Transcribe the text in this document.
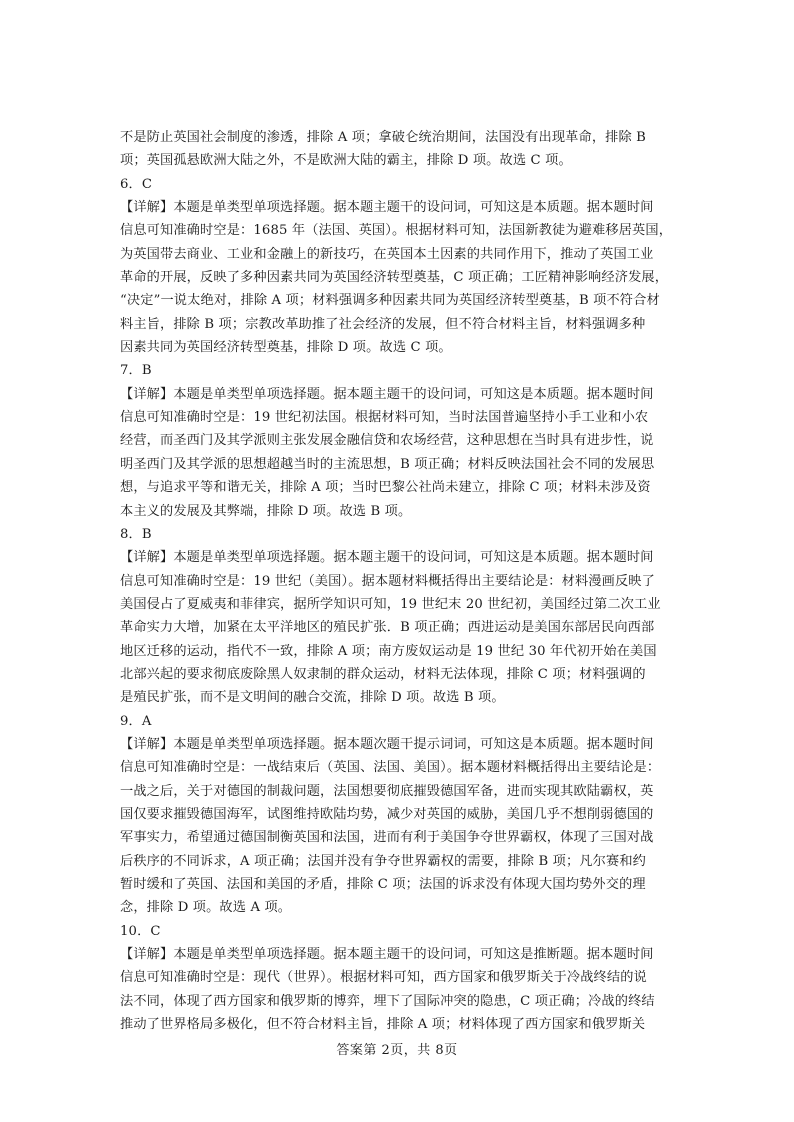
不是防止英国社会制度的渗透，排除 A 项；拿破仑统治期间，法国没有出现革命，排除 B
项；英国孤悬欧洲大陆之外，不是欧洲大陆的霸主，排除 D 项。故选 C 项。
6．C
【详解】本题是单类型单项选择题。据本题主题干的设问词，可知这是本质题。据本题时间
信息可知准确时空是：1685 年（法国、英国）。根据材料可知，法国新教徒为避难移居英国，
为英国带去商业、工业和金融上的新技巧，在英国本土因素的共同作用下，推动了英国工业
革命的开展，反映了多种因素共同为英国经济转型奠基，C 项正确；工匠精神影响经济发展，
“决定”一说太绝对，排除 A 项；材料强调多种因素共同为英国经济转型奠基，B 项不符合材
料主旨，排除 B 项；宗教改革助推了社会经济的发展，但不符合材料主旨，材料强调多种
因素共同为英国经济转型奠基，排除 D 项。故选 C 项。
7．B
【详解】本题是单类型单项选择题。据本题主题干的设问词，可知这是本质题。据本题时间
信息可知准确时空是：19 世纪初法国。根据材料可知，当时法国普遍坚持小手工业和小农
经营，而圣西门及其学派则主张发展金融信贷和农场经营，这种思想在当时具有进步性，说
明圣西门及其学派的思想超越当时的主流思想，B 项正确；材料反映法国社会不同的发展思
想，与追求平等和谐无关，排除 A 项；当时巴黎公社尚未建立，排除 C 项；材料未涉及资
本主义的发展及其弊端，排除 D 项。故选 B 项。
8．B
【详解】本题是单类型单项选择题。据本题主题干的设问词，可知这是本质题。据本题时间
信息可知准确时空是：19 世纪（美国）。据本题材料概括得出主要结论是：材料漫画反映了
美国侵占了夏威夷和菲律宾，据所学知识可知，19 世纪末 20 世纪初，美国经过第二次工业
革命实力大增，加紧在太平洋地区的殖民扩张．B 项正确；西进运动是美国东部居民向西部
地区迁移的运动，指代不一致，排除 A 项；南方废奴运动是 19 世纪 30 年代初开始在美国
北部兴起的要求彻底废除黑人奴隶制的群众运动，材料无法体现，排除 C 项；材料强调的
是殖民扩张，而不是文明间的融合交流，排除 D 项。故选 B 项。
9．A
【详解】本题是单类型单项选择题。据本题次题干提示词词，可知这是本质题。据本题时间
信息可知准确时空是：一战结束后（英国、法国、美国）。据本题材料概括得出主要结论是：
一战之后，关于对德国的制裁问题，法国想要彻底摧毁德国军备，进而实现其欧陆霸权，英
国仅要求摧毁德国海军，试图维持欧陆均势，减少对英国的威胁，美国几乎不想削弱德国的
军事实力，希望通过德国制衡英国和法国，进而有利于美国争夺世界霸权，体现了三国对战
后秩序的不同诉求，A 项正确；法国并没有争夺世界霸权的需要，排除 B 项；凡尔赛和约
暂时缓和了英国、法国和美国的矛盾，排除 C 项；法国的诉求没有体现大国均势外交的理
念，排除 D 项。故选 A 项。
10．C
【详解】本题是单类型单项选择题。据本题主题干的设问词，可知这是推断题。据本题时间
信息可知准确时空是：现代（世界）。根据材料可知，西方国家和俄罗斯关于冷战终结的说
法不同，体现了西方国家和俄罗斯的博弈，埋下了国际冲突的隐患，C 项正确；冷战的终结
推动了世界格局多极化，但不符合材料主旨，排除 A 项；材料体现了西方国家和俄罗斯关
答案第 2页，共 8页
